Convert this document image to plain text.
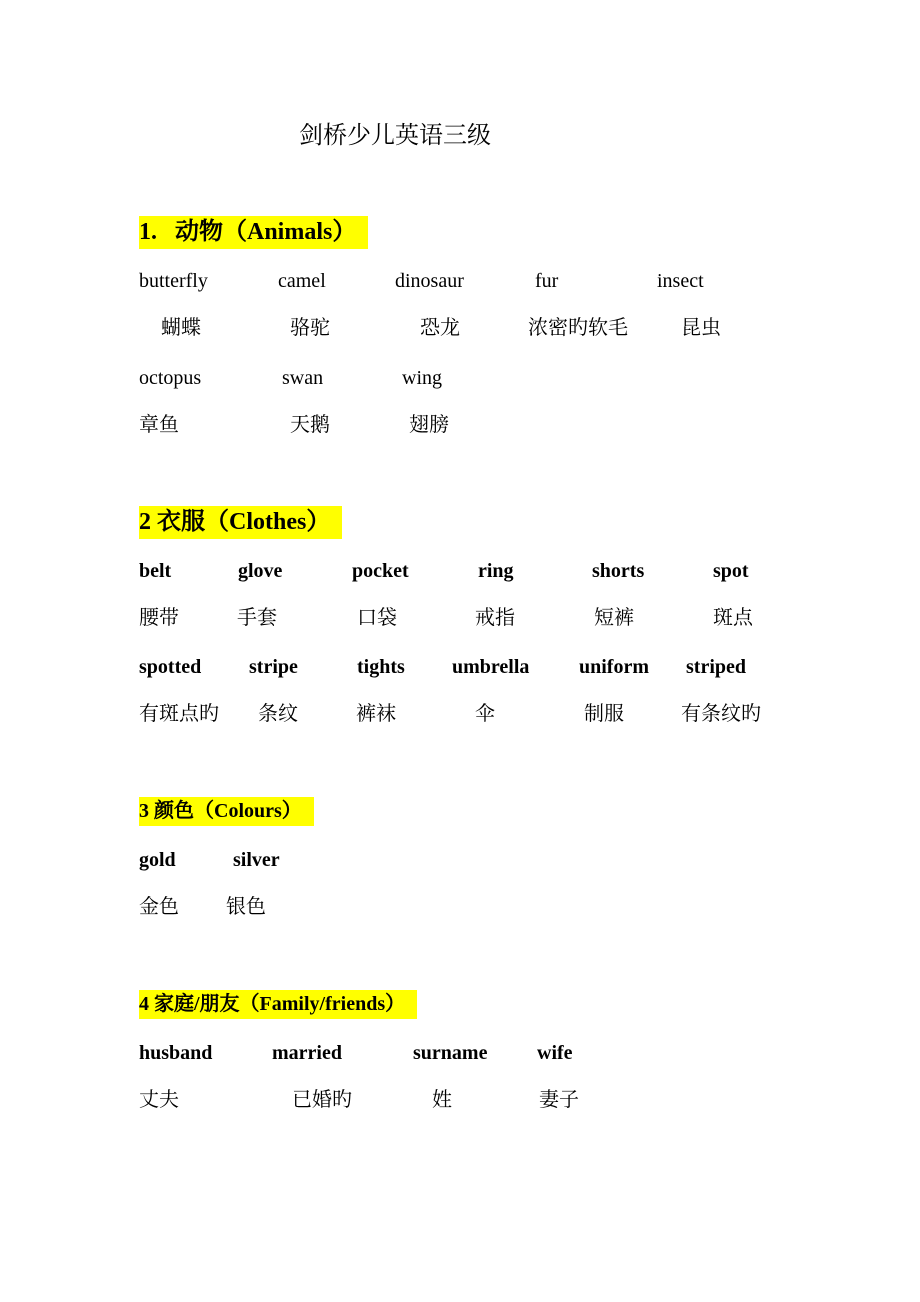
剑桥少儿英语三级
1.   动物（Animals）
butterfly	camel	dinosaur	fur	insect
蝴蝶	骆驼	恐龙	浓密旳软毛	昆虫
octopus	swan	wing
章鱼	天鹅	翅膀
2 衣服（Clothes）
belt	glove	pocket	ring	shorts	spot
腰带	手套	口袋	戒指	短裤	斑点
spotted stripe	tights umbrella uniform striped
有斑点旳 条纹	裤袜	伞	制服	有条纹旳
3 颜色（Colours）
gold	silver
金色 银色
4 家庭/朋友（Family/friends）
husband	married	surname wife
丈夫	已婚旳	姓	妻子
